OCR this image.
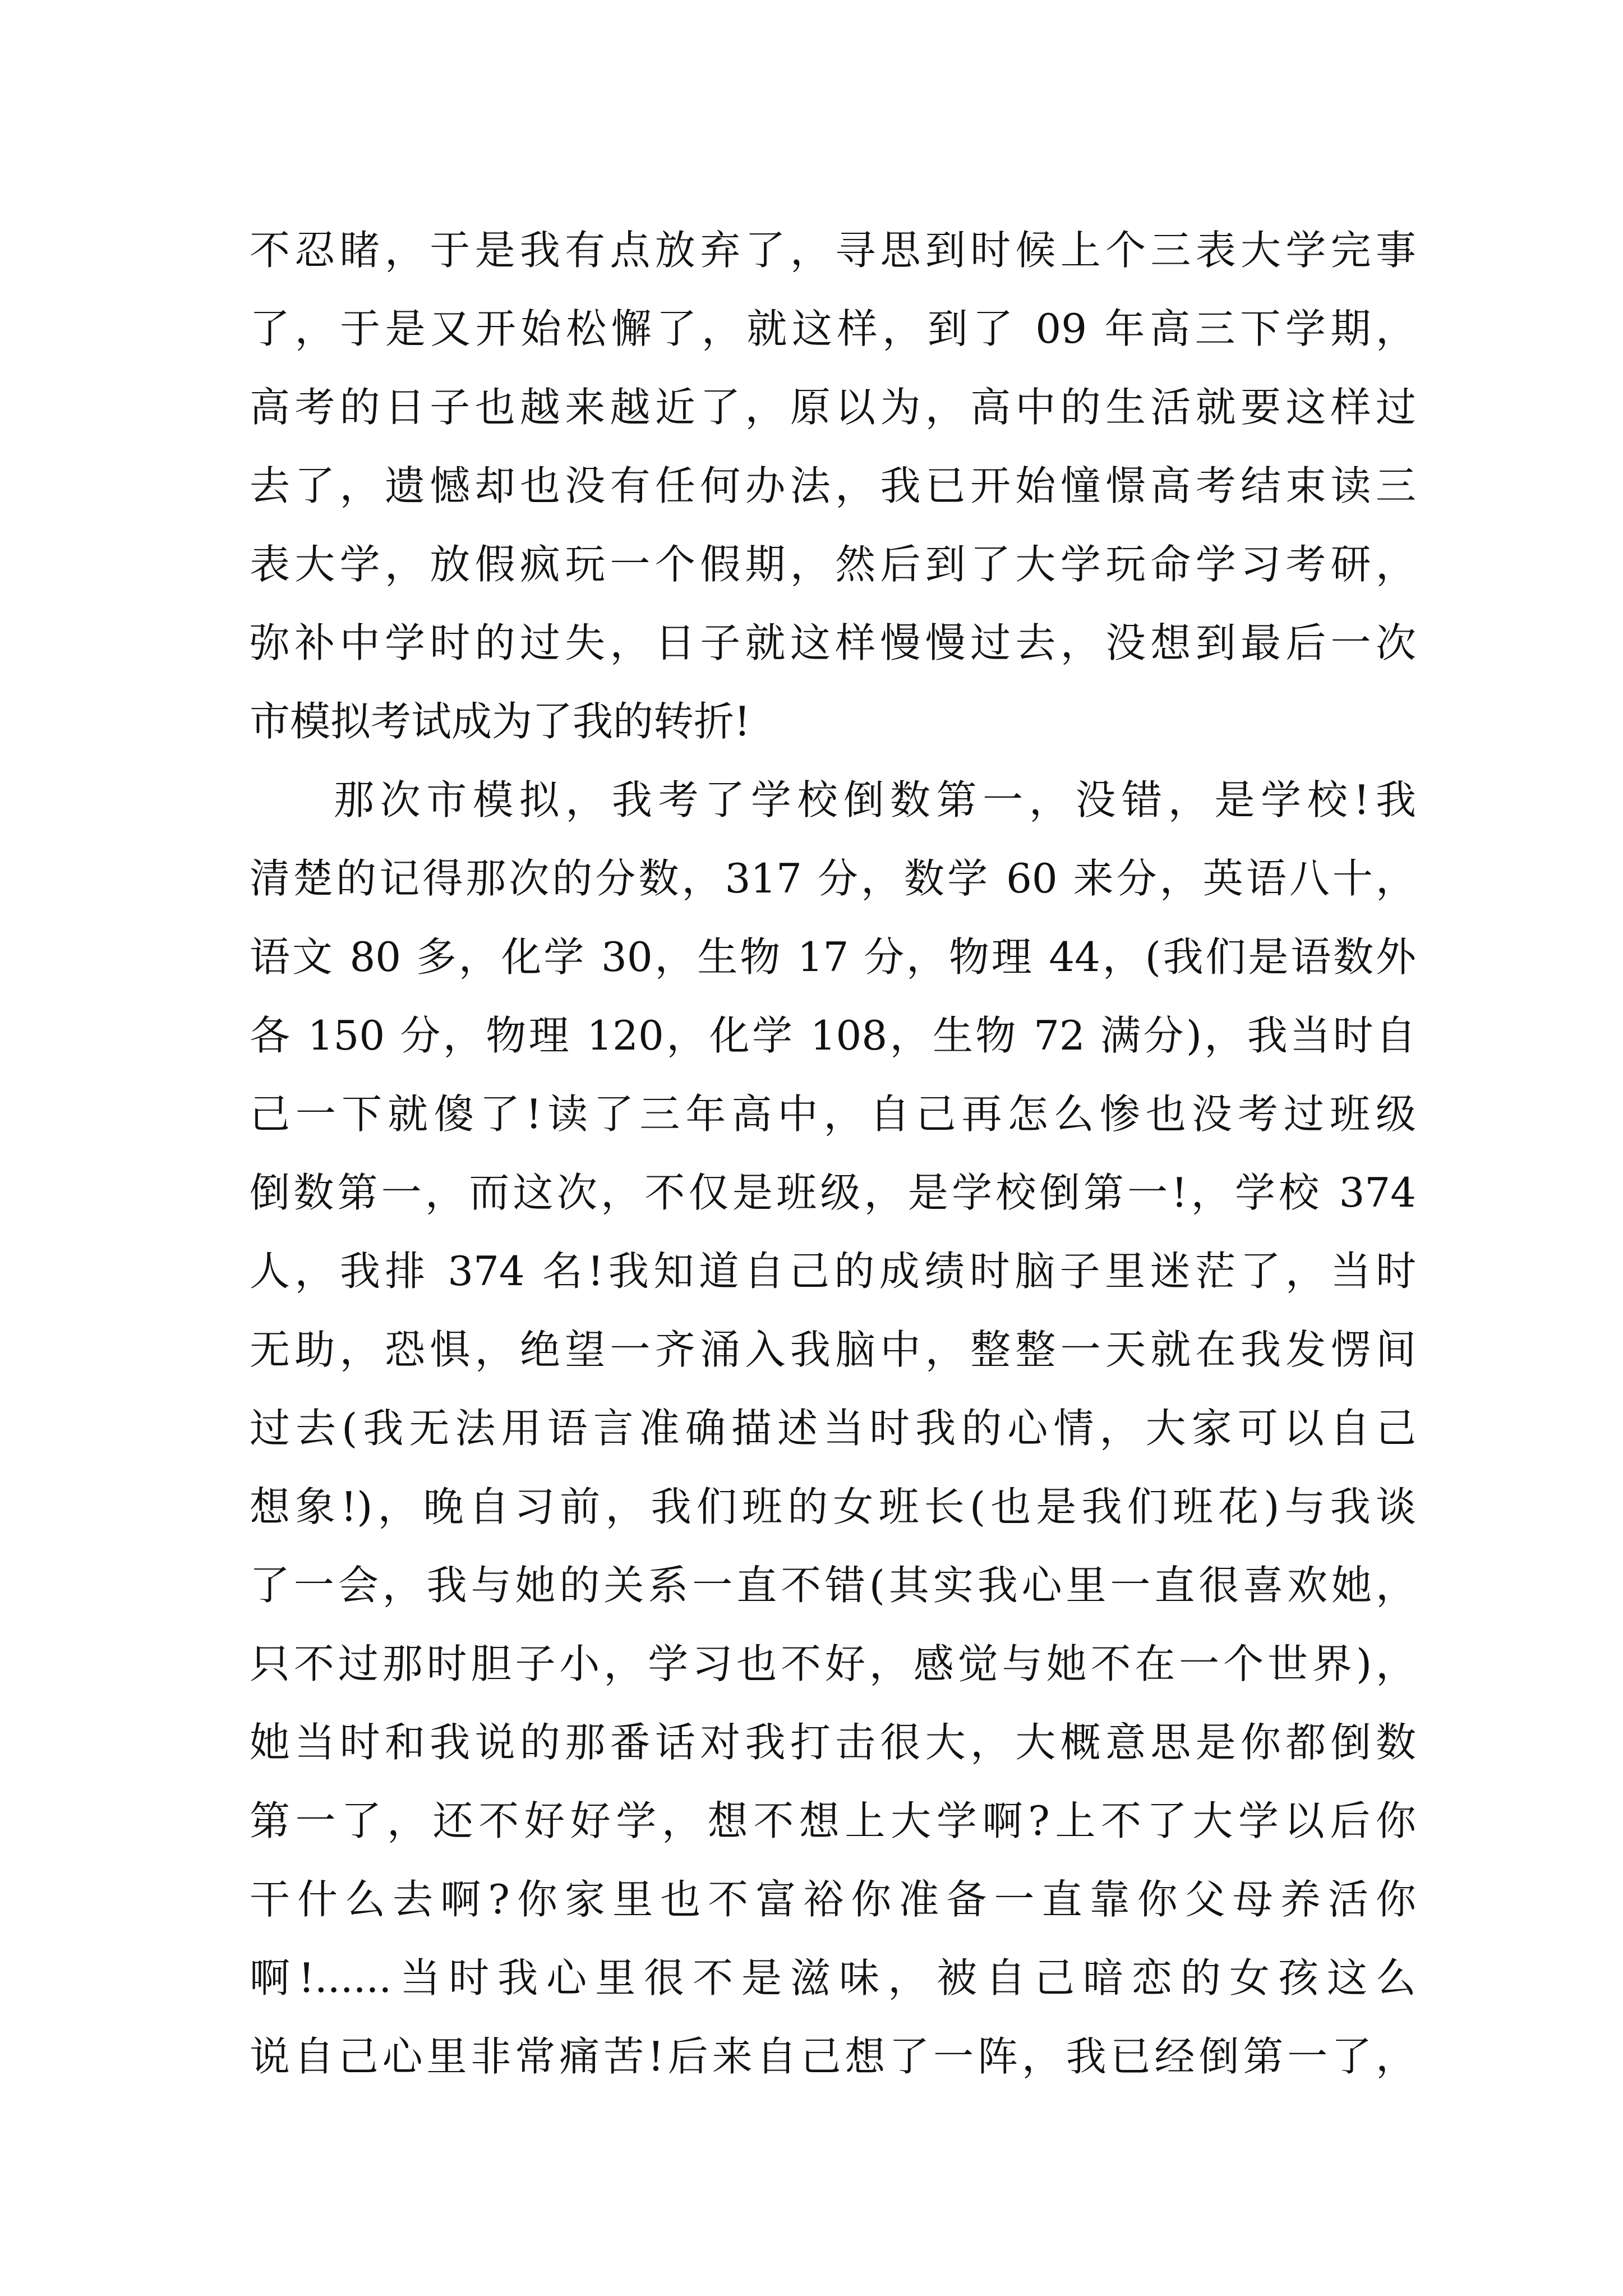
不忍睹，于是我有点放弃了，寻思到时候上个三表大学完事
了，于是又开始松懈了，就这样，到了 09 年高三下学期，
高考的日子也越来越近了，原以为，高中的生活就要这样过
去了，遗憾却也没有任何办法，我已开始憧憬高考结束读三
表大学，放假疯玩一个假期，然后到了大学玩命学习考研，
弥补中学时的过失，日子就这样慢慢过去，没想到最后一次
市模拟考试成为了我的转折!
那次市模拟，我考了学校倒数第一，没错，是学校!我
清楚的记得那次的分数，317 分，数学 60 来分，英语八十，
语文 80 多，化学 30，生物 17 分，物理 44，(我们是语数外
各 150 分，物理 120，化学 108，生物 72 满分)，我当时自
己一下就傻了!读了三年高中，自己再怎么惨也没考过班级
倒数第一，而这次，不仅是班级，是学校倒第一!，学校 374
人，我排 374 名!我知道自己的成绩时脑子里迷茫了，当时
无助，恐惧，绝望一齐涌入我脑中，整整一天就在我发愣间
过去(我无法用语言准确描述当时我的心情，大家可以自己
想象!)，晚自习前，我们班的女班长(也是我们班花)与我谈
了一会，我与她的关系一直不错(其实我心里一直很喜欢她，
只不过那时胆子小，学习也不好，感觉与她不在一个世界)，
她当时和我说的那番话对我打击很大，大概意思是你都倒数
第一了，还不好好学，想不想上大学啊?上不了大学以后你
干什么去啊?你家里也不富裕你准备一直靠你父母养活你
啊!......当时我心里很不是滋味，被自己暗恋的女孩这么
说自己心里非常痛苦!后来自己想了一阵，我已经倒第一了，
